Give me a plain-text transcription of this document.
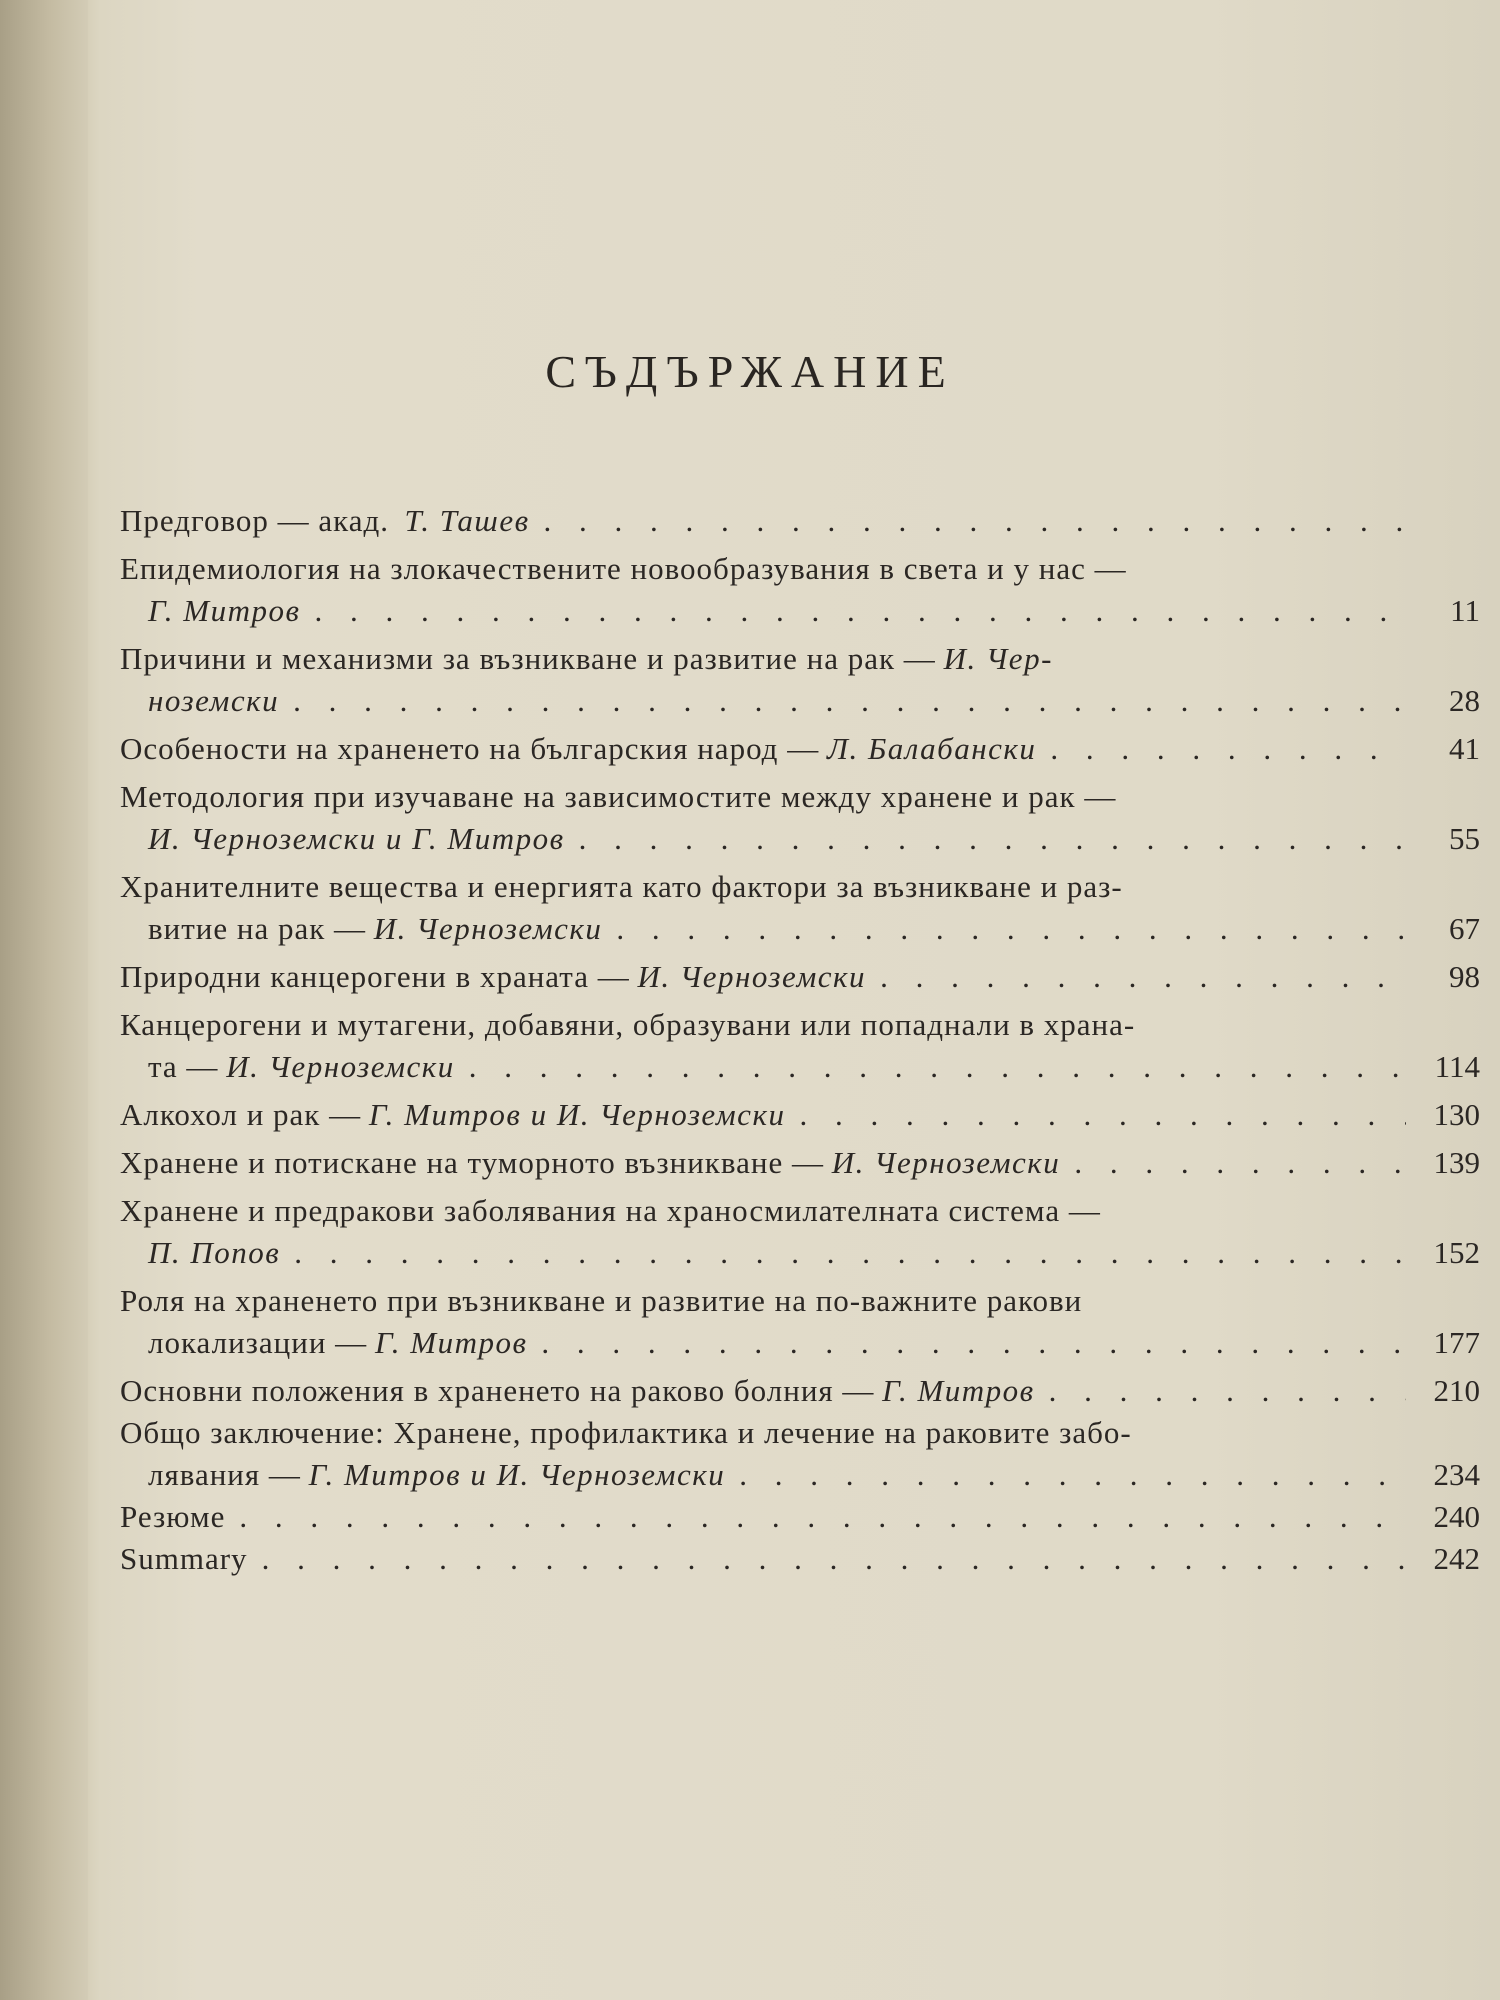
СЪДЪРЖАНИЕ
Предговор — акад.
Т. Ташев
. . .
Епидемиология на злокачествените новообразувания в света и у нас —
Г. Митров . . .	11
Причини и механизми за възникване и развитие на рак —
И. Чер-
ноземски . . .	28
Особености на храненето на българския народ —
Л. Балабански . . .	41
Методология при изучаване на зависимостите между хранене и рак —
И. Черноземски и Г. Митров . . .	55
Хранителните вещества и енергията като фактори за възникване и раз-
витие на рак —
И. Черноземски . . .	67
Природни канцерогени в храната —
И. Черноземски . . .	98
Канцерогени и мутагени, добавяни, образувани или попаднали в храна-
та —
И. Черноземски . . .	114
Алкохол и рак —
Г. Митров и И. Черноземски . . .	130
Хранене и потискане на туморното възникване —
И. Черноземски . . .	139
Хранене и предракови заболявания на храносмилателната система —
П. Попов . . .	152
Роля на храненето при възникване и развитие на по-важните ракови
локализации —
Г. Митров . . .	177
Основни положения в храненето на раково болния —
Г. Митров . . .	210
Общо заключение: Хранене, профилактика и лечение на раковите забо-
лявания —
Г. Митров и И. Черноземски . . .	234
Резюме . . .	240
Summary . . .	242
